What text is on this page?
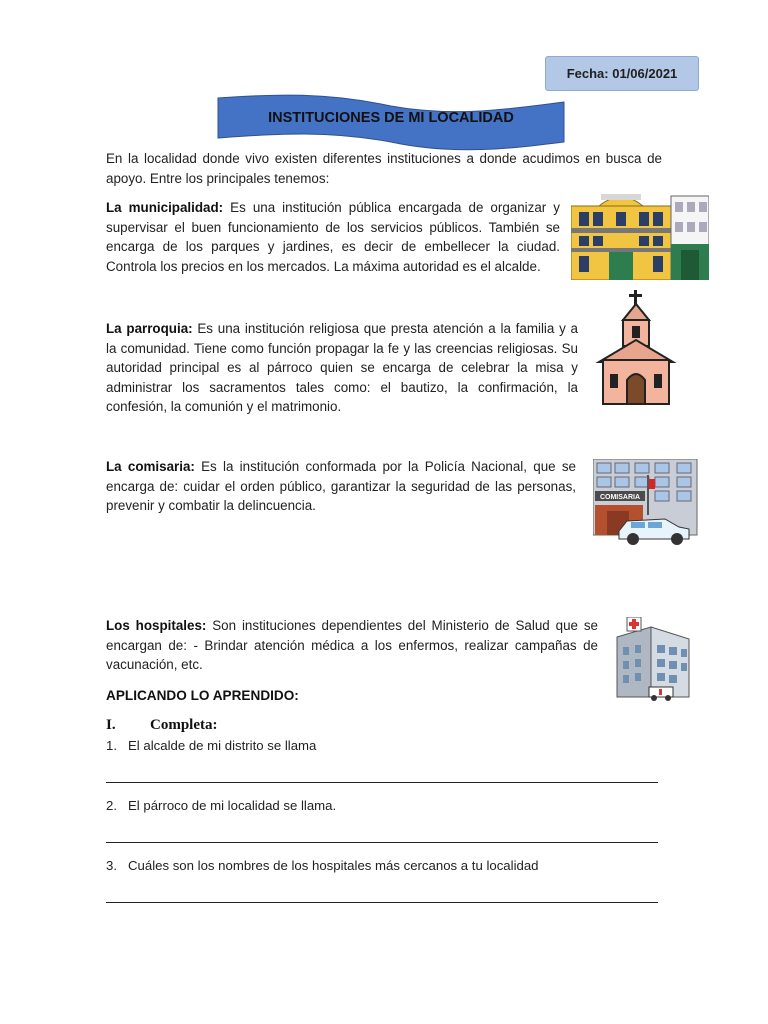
Fecha: 01/06/2021
INSTITUCIONES DE MI LOCALIDAD
En la localidad donde vivo existen diferentes instituciones a donde acudimos en busca de apoyo. Entre los principales tenemos:
La municipalidad: Es una institución pública encargada de organizar y supervisar el buen funcionamiento de los servicios públicos. También se encarga de los parques y jardines, es decir de embellecer la ciudad. Controla los precios en los mercados. La máxima autoridad es el alcalde.
La parroquia: Es una institución religiosa que presta atención a la familia y a la comunidad. Tiene como función propagar la fe y las creencias religiosas. Su autoridad principal es al párroco quien se encarga de celebrar la misa y administrar los sacramentos tales como: el bautizo, la confirmación, la confesión, la comunión y el matrimonio.
La comisaria: Es la institución conformada por la Policía Nacional, que se encarga de: cuidar el orden público, garantizar la seguridad de las personas, prevenir y combatir la delincuencia.
COMISARIA
Los hospitales: Son instituciones dependientes del Ministerio de Salud que se encargan de: - Brindar atención médica a los enfermos, realizar campañas de vacunación, etc.
APLICANDO LO APRENDIDO:
I. Completa:
1. El alcalde de mi distrito se llama
2. El párroco de mi localidad se llama.
3. Cuáles son los nombres de los hospitales más cercanos a tu localidad
